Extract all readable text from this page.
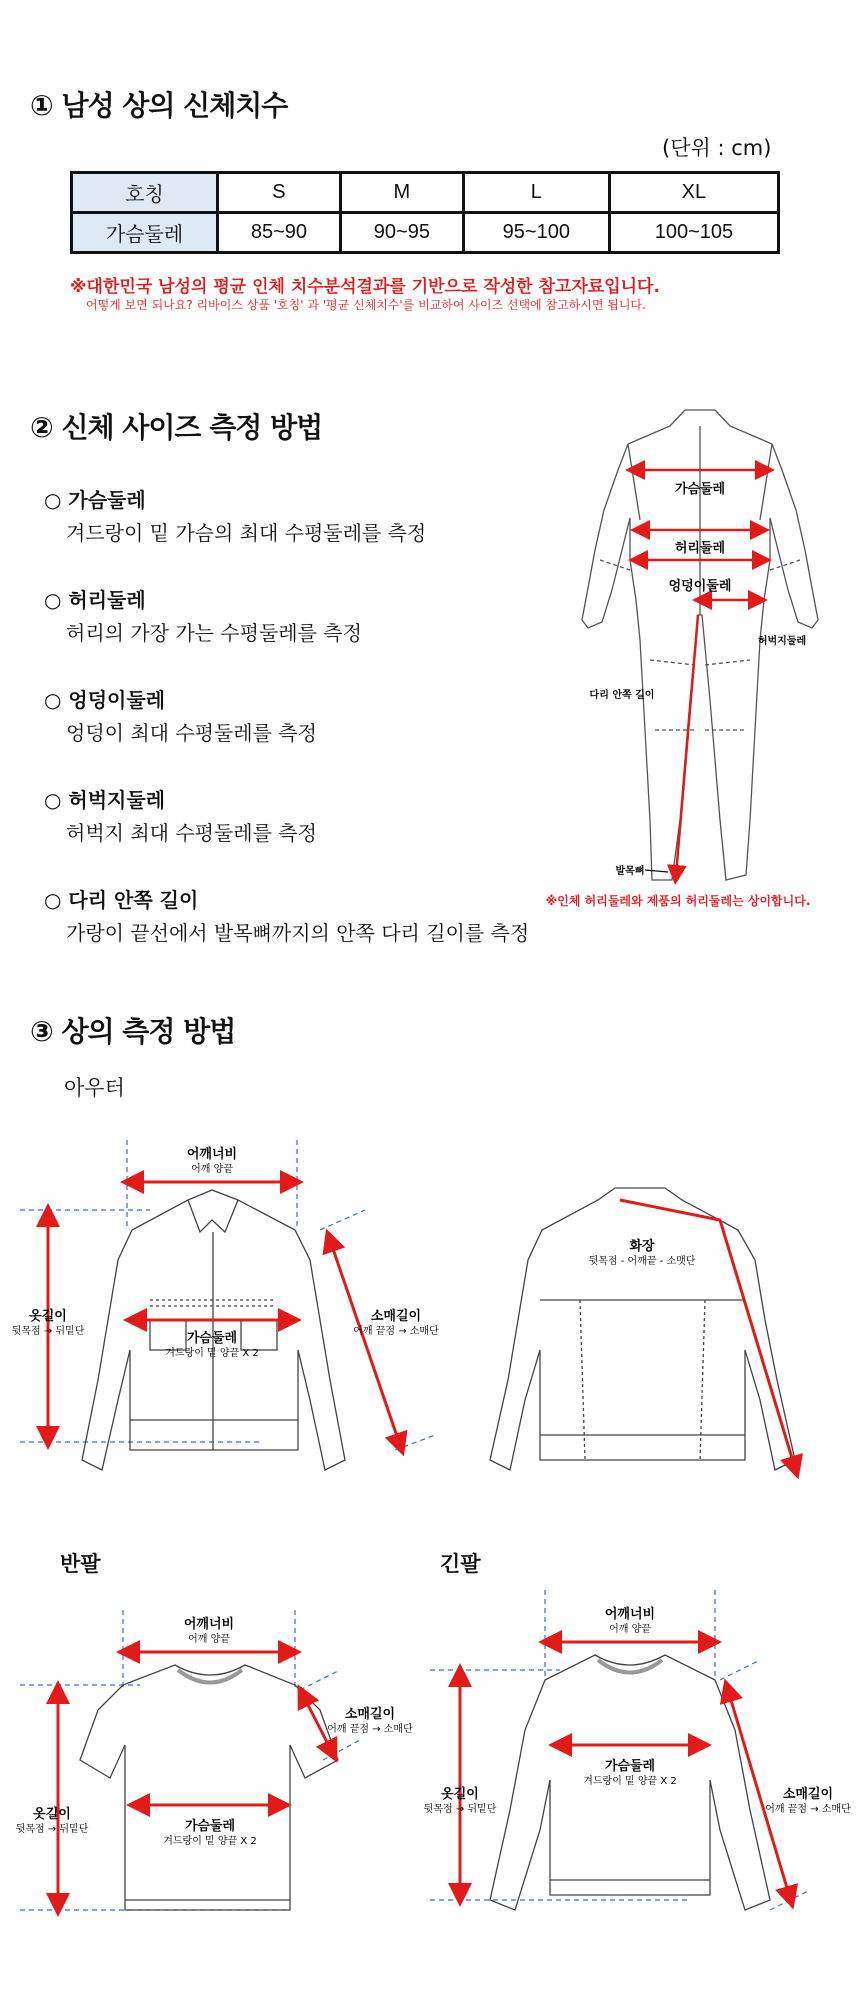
① 남성 상의 신체치수
(단위 : cm)
호칭	S	M	L	XL
가슴둘레	85~90	90~95	95~100	100~105
※대한민국 남성의 평균 인체 치수분석결과를 기반으로 작성한 참고자료입니다.
어떻게 보면 되나요? 리바이스 상품 '호칭' 과 '평균 신체치수'를 비교하여 사이즈 선택에 참고하시면 됩니다.
② 신체 사이즈 측정 방법
○ 가슴둘레
겨드랑이 밑 가슴의 최대 수평둘레를 측정
○ 허리둘레
허리의 가장 가는 수평둘레를 측정
○ 엉덩이둘레
엉덩이 최대 수평둘레를 측정
○ 허벅지둘레
허벅지 최대 수평둘레를 측정
○ 다리 안쪽 길이
가랑이 끝선에서 발목뼈까지의 안쪽 다리 길이를 측정
가슴둘레
허리둘레
엉덩이둘레
허벅지둘레
다리 안쪽 길이
발목뼈
※인체 허리둘레와 제품의 허리둘레는 상이합니다.
③ 상의 측정 방법
아우터
어깨너비
어깨 양끝
옷길이
뒷목점 → 뒤밑단	가슴둘레
겨드랑이 밑 양끝 X 2
소매길이
어깨 끝점 → 소매단
화장
뒷목점 - 어깨끝 - 소맷단
반팔	긴팔
어깨너비
어깨 양끝
소매길이
어깨 끝점 → 소매단
옷길이
뒷목점 → 뒤밑단	가슴둘레
겨드랑이 밑 양끝 X 2
어깨너비
어깨 양끝
옷길이
뒷목점 → 뒤밑단
가슴둘레
겨드랑이 밑 양끝 X 2
소매길이
어깨 끝점 → 소매단
